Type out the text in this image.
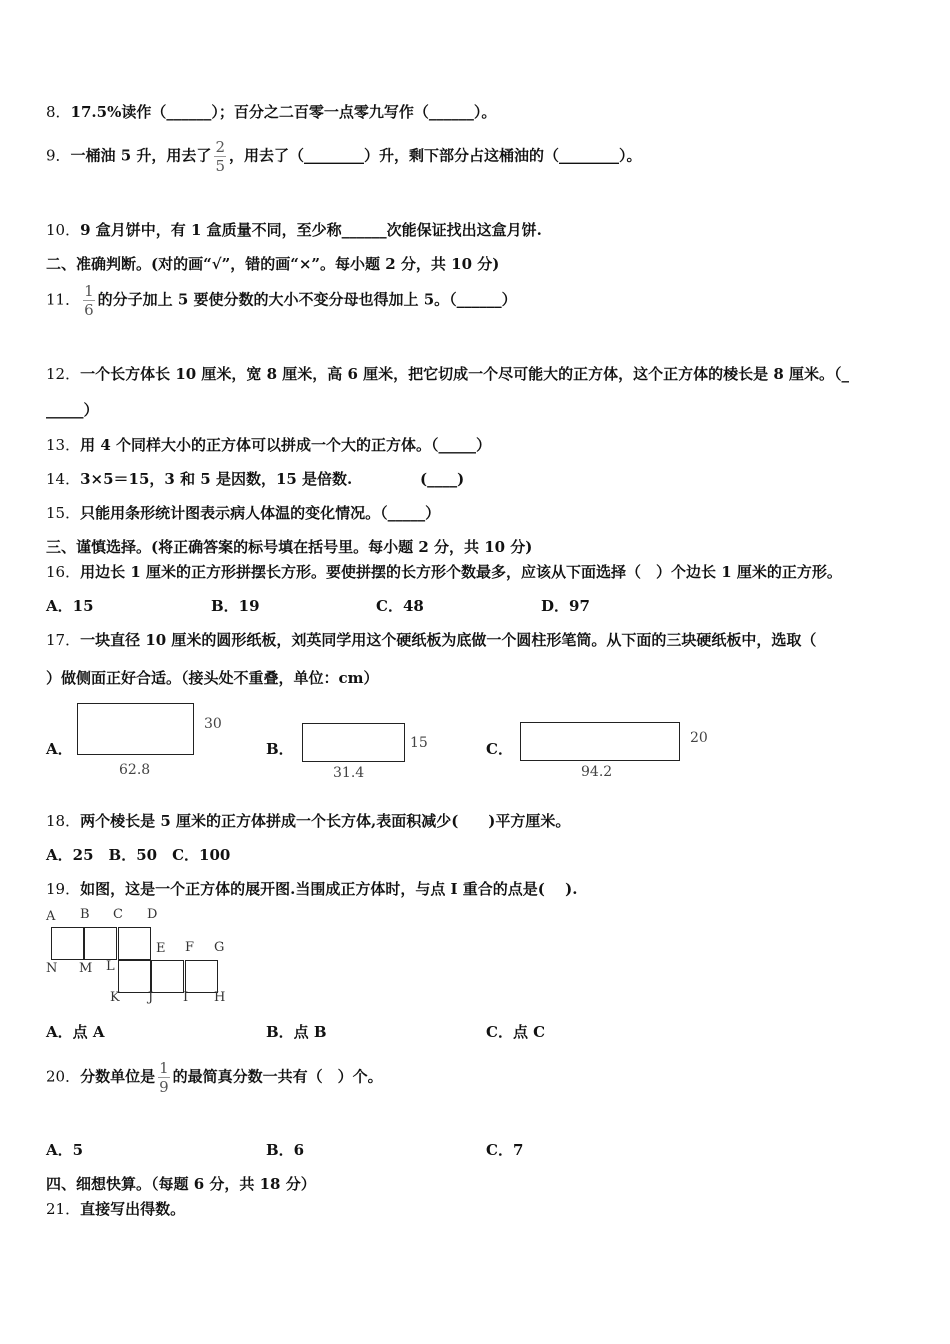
8．17.5%读作（______）；百分之二百零一点零九写作（______）。
9．一桶油 5 升，用去了 $\frac{2}{5}$ ，用去了（________）升，剩下部分占这桶油的（________）。
10．9 盒月饼中，有 1 盒质量不同，至少称______次能保证找出这盒月饼.
二、准确判断。(对的画“√”，错的画“×”。每小题 2 分，共 10 分)
11． $\frac{1}{6}$ 的分子加上 5 要使分数的大小不变分母也得加上 5。（______）
12．一个长方体长 10 厘米，宽 8 厘米，高 6 厘米，把它切成一个尽可能大的正方体，这个正方体的棱长是 8 厘米。（_
_____）
13．用 4 个同样大小的正方体可以拼成一个大的正方体。（_____）
14．3×5＝15，3 和 5 是因数，15 是倍数.	(____)
15．只能用条形统计图表示病人体温的变化情况。（_____）
三、谨慎选择。(将正确答案的标号填在括号里。每小题 2 分，共 10 分)
16．用边长 1 厘米的正方形拼摆长方形。要使拼摆的长方形个数最多，应该从下面选择（　）个边长 1 厘米的正方形。
A．15	B．19	C．48	D．97
17．一块直径 10 厘米的圆形纸板，刘英同学用这个硬纸板为底做一个圆柱形笔筒。从下面的三块硬纸板中，选取（
）做侧面正好合适。（接头处不重叠，单位：cm）
A．
30
62.8
B．	15
31.4
C．
20
94.2
18．两个棱长是 5 厘米的正方体拼成一个长方体,表面积减少(　　)平方厘米。
A．25　B．50　C．100
19．如图，这是一个正方体的展开图.当围成正方体时，与点 I 重合的点是(　 ).
A B C D
E F G
H
I
J
K
L
M
N
A．点 A	B．点 B	C．点 C
20．分数单位是 $\frac{1}{9}$ 的最简真分数一共有（　）个。
A．5	B．6	C．7
四、细想快算。（每题 6 分，共 18 分）
21．直接写出得数。
